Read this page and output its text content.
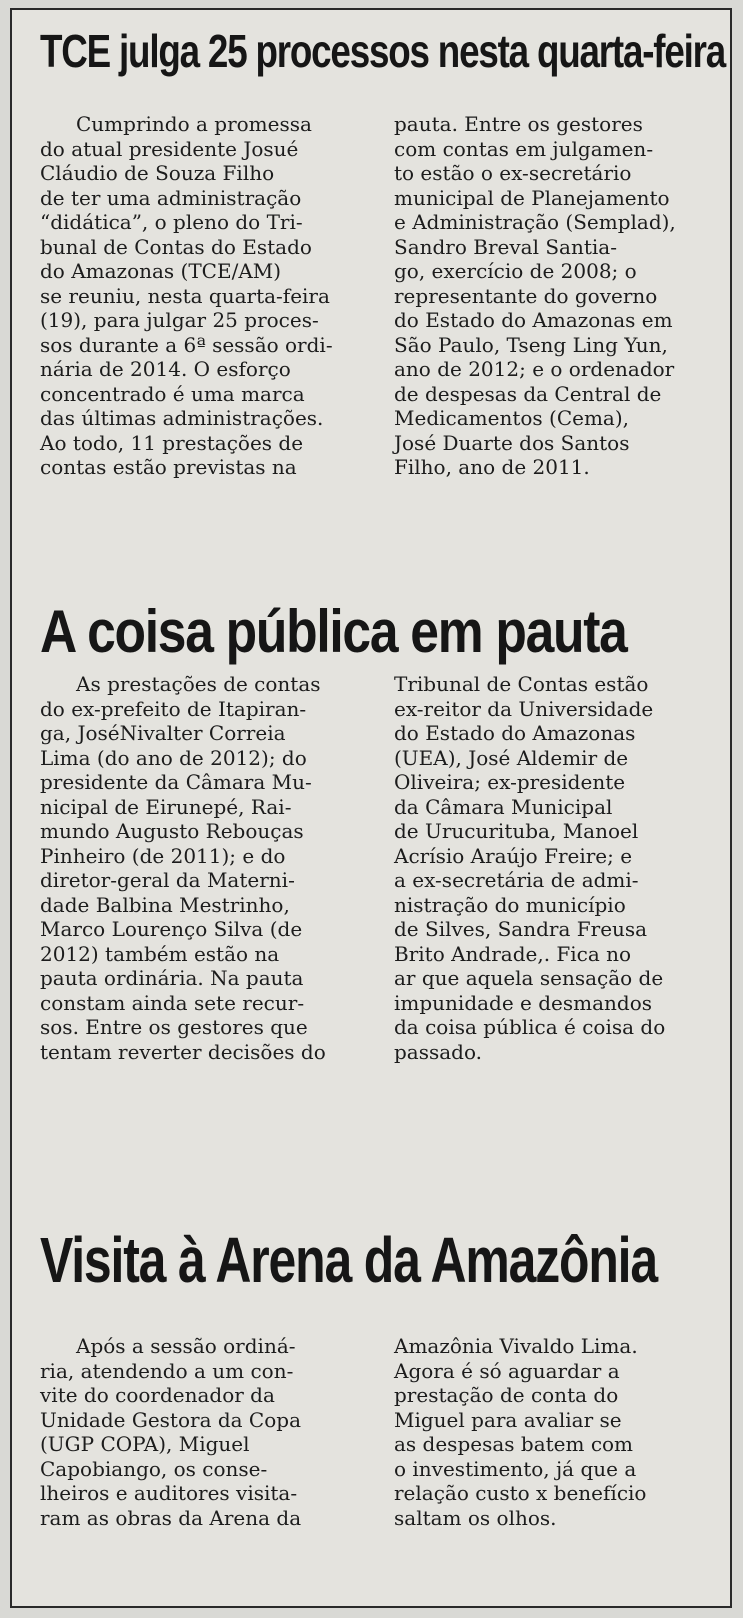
TCE julga 25 processos nesta quarta-feira

Cumprindo a promessa
do atual presidente Josué
Cláudio de Souza Filho
de ter uma administração
“didática”, o pleno do Tri-
bunal de Contas do Estado
do Amazonas (TCE/AM)
se reuniu, nesta quarta-feira
(19), para julgar 25 proces-
sos durante a 6ª sessão ordi-
nária de 2014. O esforço
concentrado é uma marca
das últimas administrações.
Ao todo, 11 prestações de
contas estão previstas na

pauta. Entre os gestores
com contas em julgamen-
to estão o ex-secretário
municipal de Planejamento
e Administração (Semplad),
Sandro Breval Santia-
go, exercício de 2008; o
representante do governo
do Estado do Amazonas em
São Paulo, Tseng Ling Yun,
ano de 2012; e o ordenador
de despesas da Central de
Medicamentos (Cema),
José Duarte dos Santos
Filho, ano de 2011.

A coisa pública em pauta

As prestações de contas
do ex-prefeito de Itapiran-
ga, JoséNivalter Correia
Lima (do ano de 2012); do
presidente da Câmara Mu-
nicipal de Eirunepé, Rai-
mundo Augusto Rebouças
Pinheiro (de 2011); e do
diretor-geral da Materni-
dade Balbina Mestrinho,
Marco Lourenço Silva (de
2012) também estão na
pauta ordinária. Na pauta
constam ainda sete recur-
sos. Entre os gestores que
tentam reverter decisões do

Tribunal de Contas estão
ex-reitor da Universidade
do Estado do Amazonas
(UEA), José Aldemir de
Oliveira; ex-presidente
da Câmara Municipal
de Urucurituba, Manoel
Acrísio Araújo Freire; e
a ex-secretária de admi-
nistração do município
de Silves, Sandra Freusa
Brito Andrade,. Fica no
ar que aquela sensação de
impunidade e desmandos
da coisa pública é coisa do
passado.

Visita à Arena da Amazônia

Após a sessão ordiná-
ria, atendendo a um con-
vite do coordenador da
Unidade Gestora da Copa
(UGP COPA), Miguel
Capobiango, os conse-
lheiros e auditores visita-
ram as obras da Arena da

Amazônia Vivaldo Lima.
Agora é só aguardar a
prestação de conta do
Miguel para avaliar se
as despesas batem com
o investimento, já que a
relação custo x benefício
saltam os olhos.
